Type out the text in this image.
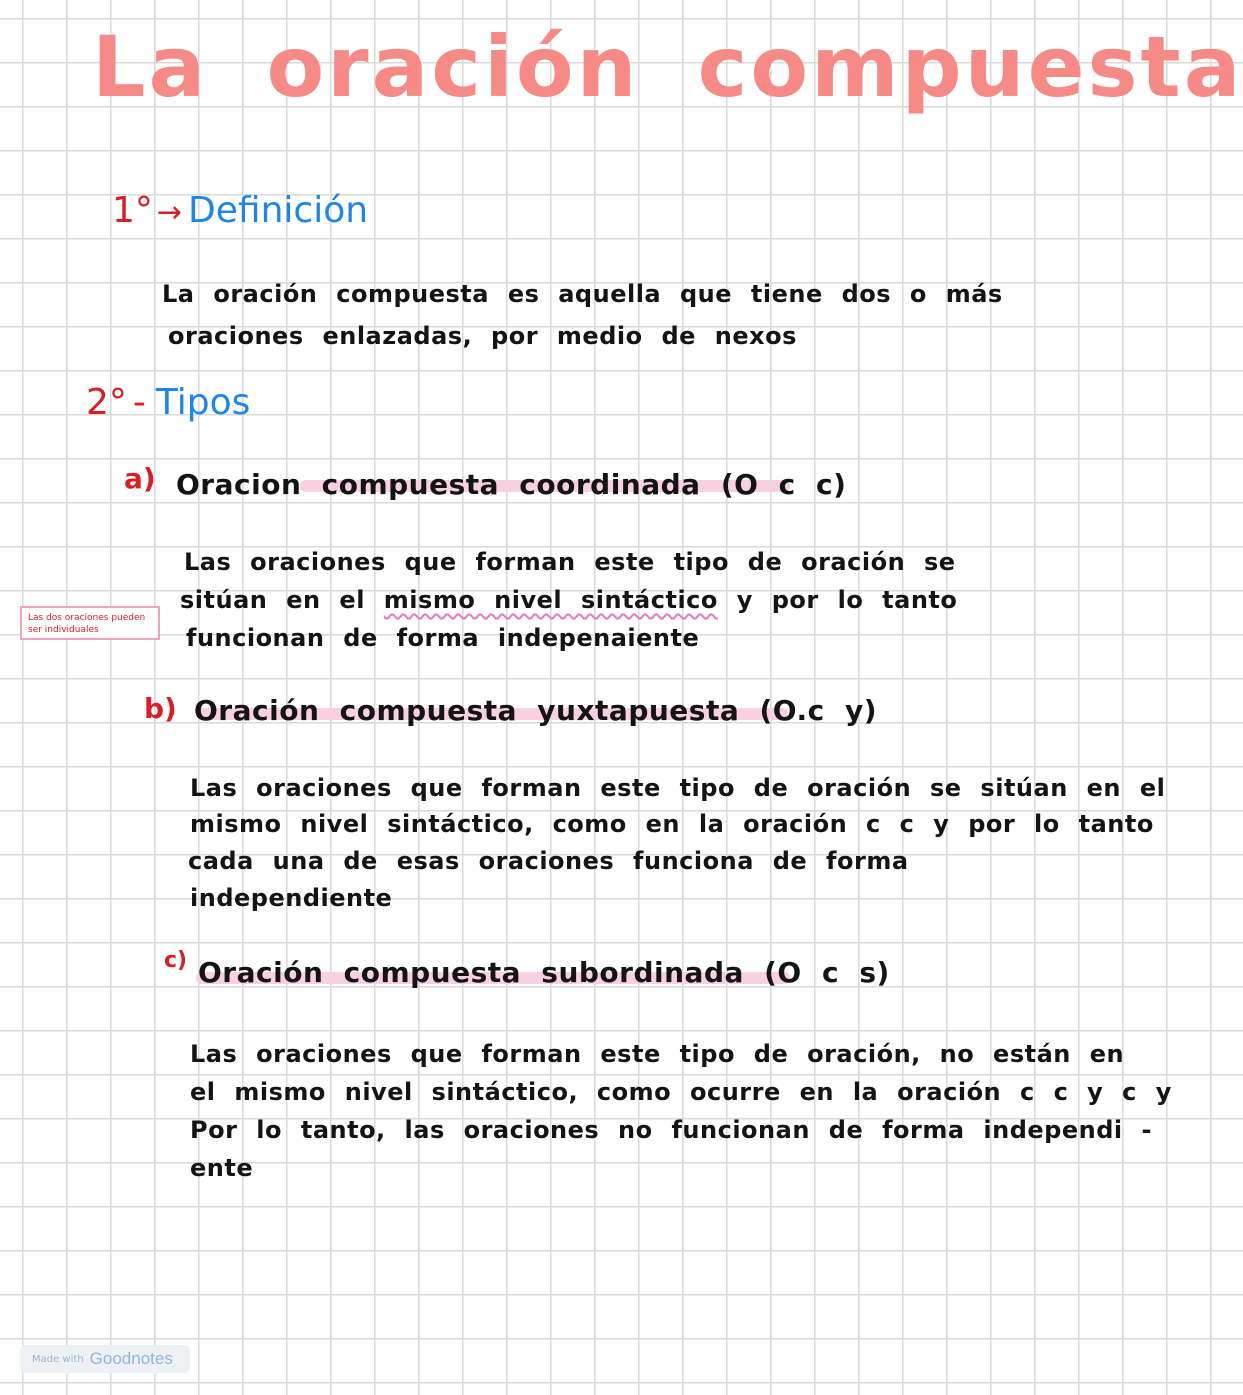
La oración compuesta
1° → Definición
La oración compuesta es aquella que tiene dos o más
oraciones enlazadas, por medio de nexos
2° - Tipos
a) Oracion compuesta coordinada (O c c)
Las oraciones que forman este tipo de oración se
sitúan en el mismo nivel sintáctico y por lo tanto
funcionan de forma indepenaiente
Las dos oraciones pueden ser individuales
b) Oración compuesta yuxtapuesta (O.c y)
Las oraciones que forman este tipo de oración se sitúan en el
mismo nivel sintáctico, como en la oración c c y por lo tanto
cada una de esas oraciones funciona de forma
independiente
c) Oración compuesta subordinada (O c s)
Las oraciones que forman este tipo de oración, no están en
el mismo nivel sintáctico, como ocurre en la oración c c y c y
Por lo tanto, las oraciones no funcionan de forma independi -
ente
Made with Goodnotes
